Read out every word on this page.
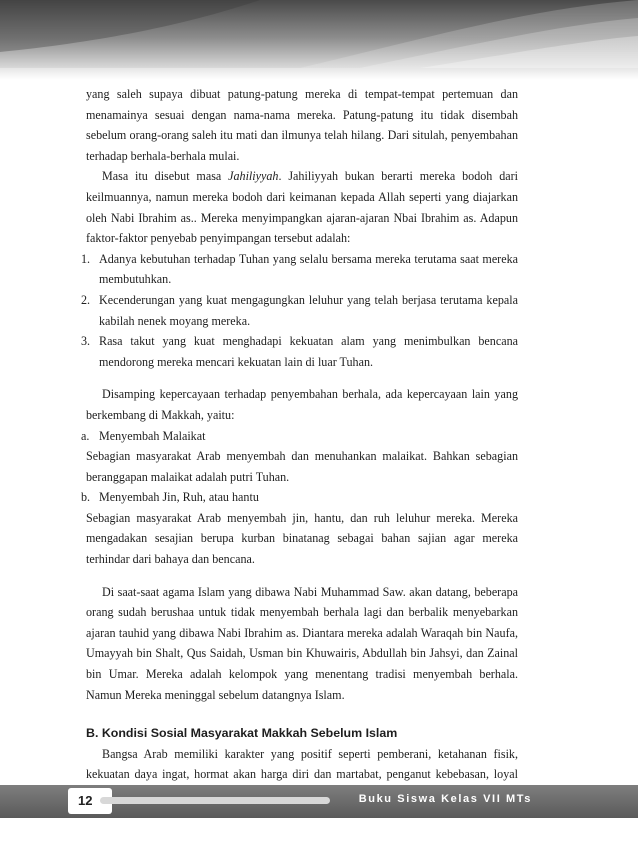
yang saleh supaya dibuat patung-patung mereka di tempat-tempat pertemuan dan menamainya sesuai dengan nama-nama mereka. Patung-patung itu tidak disembah sebelum orang-orang saleh itu mati dan ilmunya telah hilang. Dari situlah, penyembahan terhadap berhala-berhala mulai.

Masa itu disebut masa Jahiliyyah. Jahiliyyah bukan berarti mereka bodoh dari keilmuannya, namun mereka bodoh dari keimanan kepada Allah seperti yang diajarkan oleh Nabi Ibrahim as.. Mereka menyimpangkan ajaran-ajaran Nbai Ibrahim as. Adapun faktor-faktor penyebab penyimpangan tersebut adalah:

1. Adanya kebutuhan terhadap Tuhan yang selalu bersama mereka terutama saat mereka membutuhkan.
2. Kecenderungan yang kuat mengagungkan leluhur yang telah berjasa terutama kepala kabilah nenek moyang mereka.
3. Rasa takut yang kuat menghadapi kekuatan alam yang menimbulkan bencana mendorong mereka mencari kekuatan lain di luar Tuhan.

Disamping kepercayaan terhadap penyembahan berhala, ada kepercayaan lain yang berkembang di Makkah, yaitu:

a. Menyembah Malaikat

Sebagian masyarakat Arab menyembah dan menuhankan malaikat. Bahkan sebagian beranggapan malaikat adalah putri Tuhan.

b. Menyembah Jin, Ruh, atau hantu

Sebagian masyarakat Arab menyembah jin, hantu, dan ruh leluhur mereka. Mereka mengadakan sesajian berupa kurban binatanag sebagai bahan sajian agar mereka terhindar dari bahaya dan bencana.

Di saat-saat agama Islam yang dibawa Nabi Muhammad Saw. akan datang, beberapa orang sudah berushaa untuk tidak menyembah berhala lagi dan berbalik menyebarkan ajaran tauhid yang dibawa Nabi Ibrahim as. Diantara mereka adalah Waraqah bin Naufa, Umayyah bin Shalt, Qus Saidah, Usman bin Khuwairis, Abdullah bin Jahsyi, dan Zainal bin Umar. Mereka adalah kelompok yang menentang tradisi menyembah berhala. Namun Mereka meninggal sebelum datangnya Islam.

B. Kondisi Sosial Masyarakat Makkah Sebelum Islam

Bangsa Arab memiliki karakter yang positif seperti pemberani, ketahanan fisik, kekuatan daya ingat, hormat akan harga diri dan martabat, penganut kebebasan, loyal

12	Buku Siswa Kelas VII MTs
